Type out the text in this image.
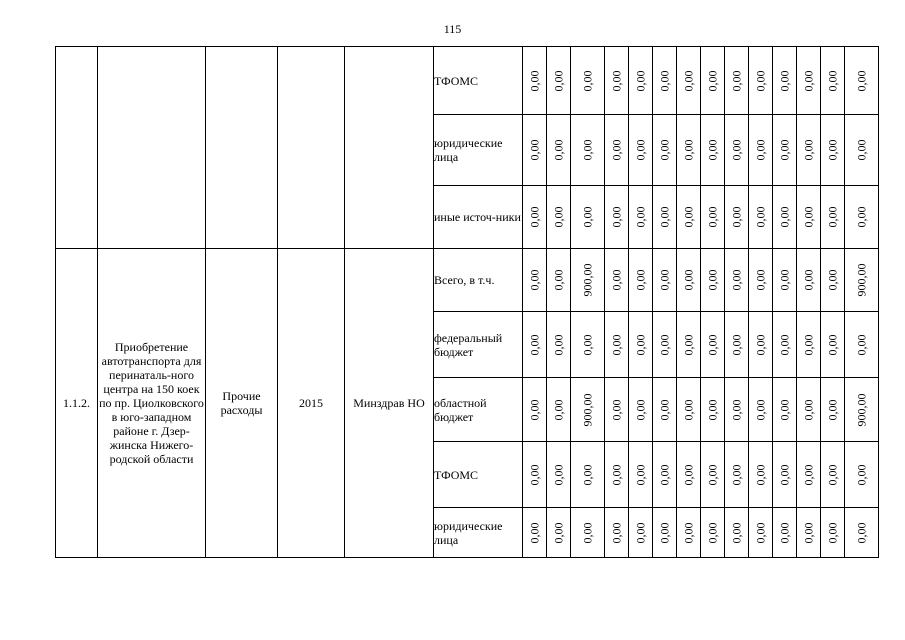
115
					ТФОМС	0,00	0,00	0,00	0,00	0,00	0,00	0,00	0,00	0,00	0,00	0,00	0,00	0,00	0,00
					юридические лица	0,00	0,00	0,00	0,00	0,00	0,00	0,00	0,00	0,00	0,00	0,00	0,00	0,00	0,00
					иные источ-ники	0,00	0,00	0,00	0,00	0,00	0,00	0,00	0,00	0,00	0,00	0,00	0,00	0,00	0,00
1.1.2.	Приобретение автотранспорта для перинаталь-ного центра на 150 коек по пр. Циолковского в юго-западном районе г. Дзер-жинска Нижего-родской области	Прочие расходы	2015	Минздрав НО	Всего, в т.ч.	0,00	0,00	900,00	0,00	0,00	0,00	0,00	0,00	0,00	0,00	0,00	0,00	0,00	900,00
					федеральный бюджет	0,00	0,00	0,00	0,00	0,00	0,00	0,00	0,00	0,00	0,00	0,00	0,00	0,00	0,00
					областной бюджет	0,00	0,00	900,00	0,00	0,00	0,00	0,00	0,00	0,00	0,00	0,00	0,00	0,00	900,00
					ТФОМС	0,00	0,00	0,00	0,00	0,00	0,00	0,00	0,00	0,00	0,00	0,00	0,00	0,00	0,00
					юридические лица	0,00	0,00	0,00	0,00	0,00	0,00	0,00	0,00	0,00	0,00	0,00	0,00	0,00	0,00
